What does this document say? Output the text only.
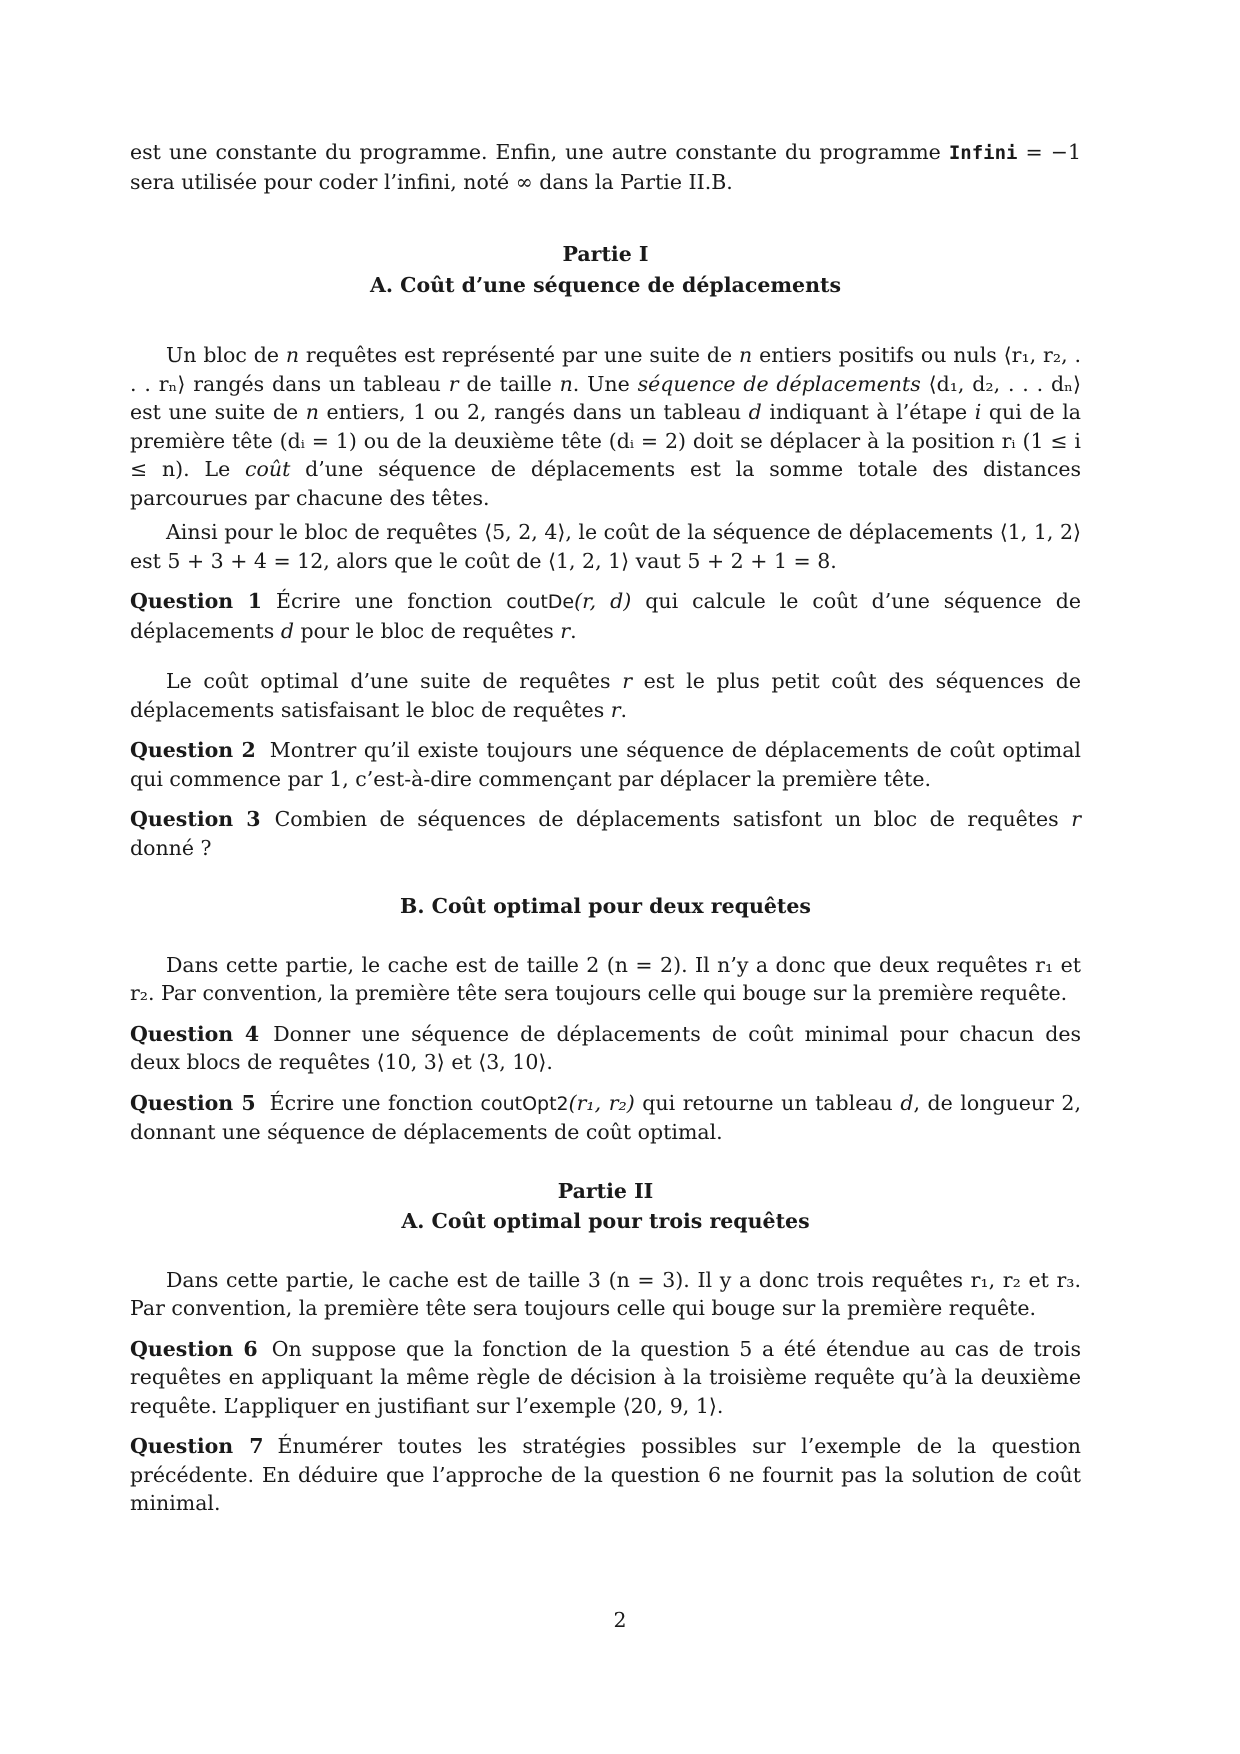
est une constante du programme. Enfin, une autre constante du programme Infini = −1 sera utilisée pour coder l’infini, noté ∞ dans la Partie II.B.

Partie I
A. Coût d’une séquence de déplacements

Un bloc de n requêtes est représenté par une suite de n entiers positifs ou nuls ⟨r₁, r₂, . . . rₙ⟩ rangés dans un tableau r de taille n. Une séquence de déplacements ⟨d₁, d₂, . . . dₙ⟩ est une suite de n entiers, 1 ou 2, rangés dans un tableau d indiquant à l’étape i qui de la première tête (dᵢ = 1) ou de la deuxième tête (dᵢ = 2) doit se déplacer à la position rᵢ (1 ≤ i ≤ n). Le coût d’une séquence de déplacements est la somme totale des distances parcourues par chacune des têtes.

Ainsi pour le bloc de requêtes ⟨5, 2, 4⟩, le coût de la séquence de déplacements ⟨1, 1, 2⟩ est 5 + 3 + 4 = 12, alors que le coût de ⟨1, 2, 1⟩ vaut 5 + 2 + 1 = 8.

Question 1 Écrire une fonction coutDe(r, d) qui calcule le coût d’une séquence de déplacements d pour le bloc de requêtes r.

Le coût optimal d’une suite de requêtes r est le plus petit coût des séquences de déplacements satisfaisant le bloc de requêtes r.

Question 2 Montrer qu’il existe toujours une séquence de déplacements de coût optimal qui commence par 1, c’est-à-dire commençant par déplacer la première tête.

Question 3 Combien de séquences de déplacements satisfont un bloc de requêtes r donné ?

B. Coût optimal pour deux requêtes

Dans cette partie, le cache est de taille 2 (n = 2). Il n’y a donc que deux requêtes r₁ et r₂. Par convention, la première tête sera toujours celle qui bouge sur la première requête.

Question 4 Donner une séquence de déplacements de coût minimal pour chacun des deux blocs de requêtes ⟨10, 3⟩ et ⟨3, 10⟩.

Question 5 Écrire une fonction coutOpt2(r₁, r₂) qui retourne un tableau d, de longueur 2, donnant une séquence de déplacements de coût optimal.

Partie II
A. Coût optimal pour trois requêtes

Dans cette partie, le cache est de taille 3 (n = 3). Il y a donc trois requêtes r₁, r₂ et r₃. Par convention, la première tête sera toujours celle qui bouge sur la première requête.

Question 6 On suppose que la fonction de la question 5 a été étendue au cas de trois requêtes en appliquant la même règle de décision à la troisième requête qu’à la deuxième requête. L’appliquer en justifiant sur l’exemple ⟨20, 9, 1⟩.

Question 7 Énumérer toutes les stratégies possibles sur l’exemple de la question précédente. En déduire que l’approche de la question 6 ne fournit pas la solution de coût minimal.

2
